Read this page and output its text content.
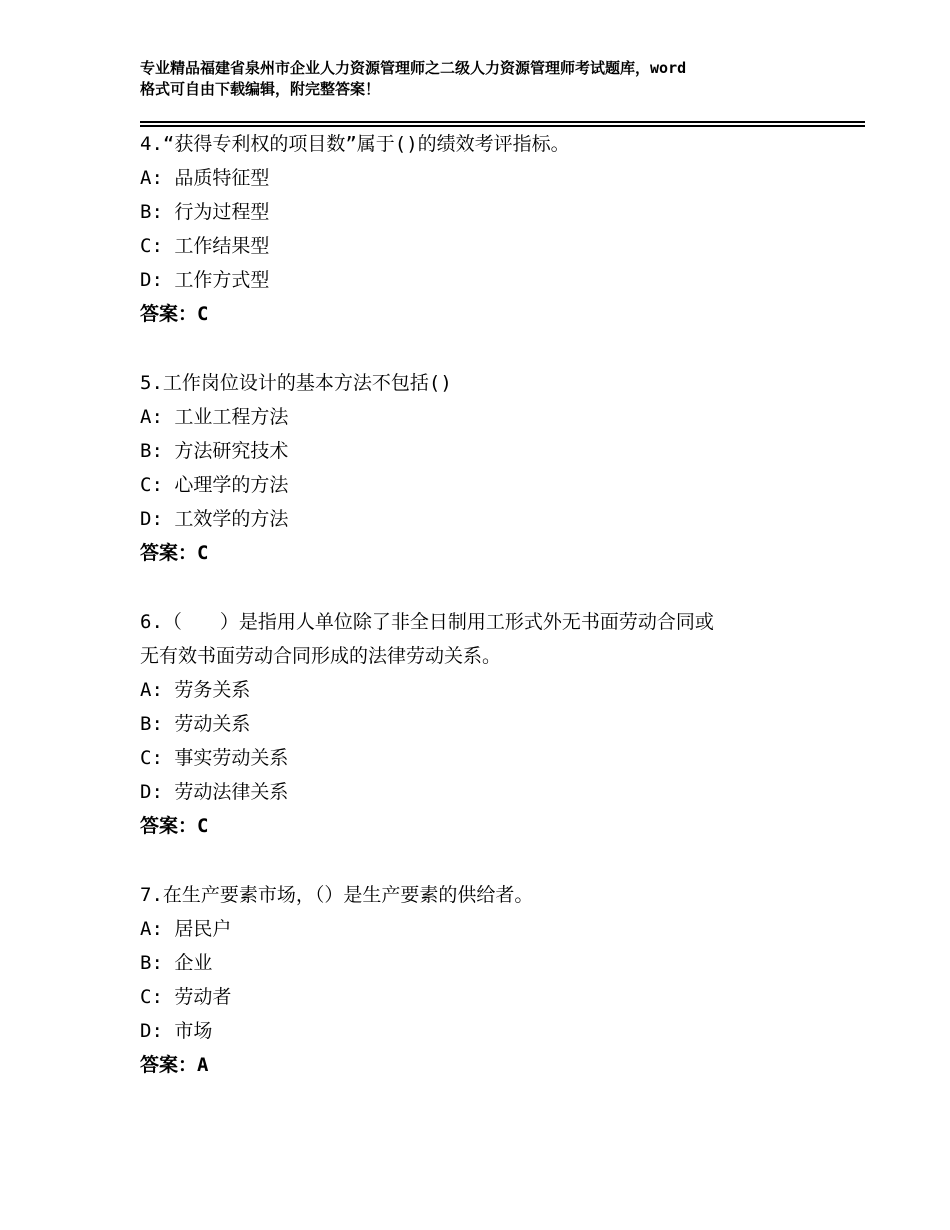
专业精品福建省泉州市企业人力资源管理师之二级人力资源管理师考试题库，word
格式可自由下载编辑，附完整答案！
4.“获得专利权的项目数”属于()的绩效考评指标。
A: 品质特征型
B: 行为过程型
C: 工作结果型
D: 工作方式型
答案：C
5.工作岗位设计的基本方法不包括()
A: 工业工程方法
B: 方法研究技术
C: 心理学的方法
D: 工效学的方法
答案：C
6.（　　）是指用人单位除了非全日制用工形式外无书面劳动合同或
无有效书面劳动合同形成的法律劳动关系。
A: 劳务关系
B: 劳动关系
C: 事实劳动关系
D: 劳动法律关系
答案：C
7.在生产要素市场，（）是生产要素的供给者。
A: 居民户
B: 企业
C: 劳动者
D: 市场
答案：A
